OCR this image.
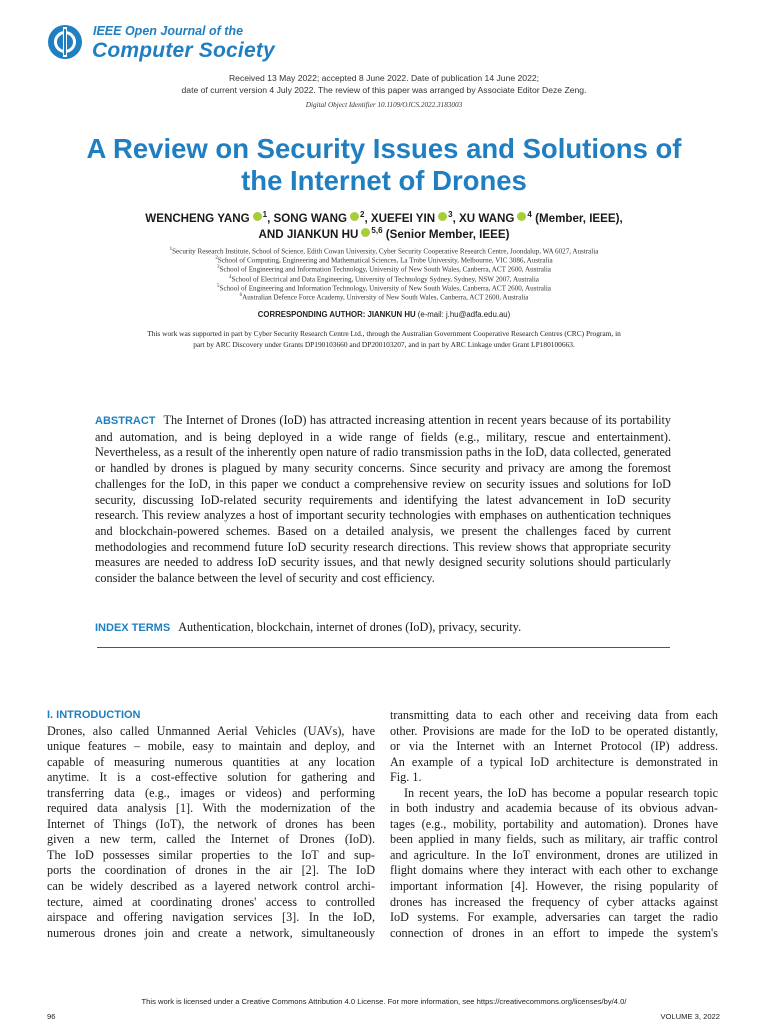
IEEE Open Journal of the
Computer Society
Received 13 May 2022; accepted 8 June 2022. Date of publication 14 June 2022;
date of current version 4 July 2022. The review of this paper was arranged by Associate Editor Deze Zeng.
Digital Object Identifier 10.1109/OJCS.2022.3183003
A Review on Security Issues and Solutions of
the Internet of Drones
WENCHENG YANG $^1$, SONG WANG $^2$, XUEFEI YIN $^3$, XU WANG $^4$ (Member, IEEE),
AND JIANKUN HU $^{5,6}$ (Senior Member, IEEE)
$^1$Security Research Institute, School of Science, Edith Cowan University, Cyber Security Cooperative Research Centre, Joondalup, WA 6027, Australia
$^2$School of Computing, Engineering and Mathematical Sciences, La Trobe University, Melbourne, VIC 3086, Australia
$^3$School of Engineering and Information Technology, University of New South Wales, Canberra, ACT 2600, Australia
$^4$School of Electrical and Data Engineering, University of Technology Sydney, Sydney, NSW 2007, Australia
$^5$School of Engineering and Information Technology, University of New South Wales, Canberra, ACT 2600, Australia
$^6$Australian Defence Force Academy, University of New South Wales, Canberra, ACT 2600, Australia
CORRESPONDING AUTHOR: JIANKUN HU (e-mail: j.hu@adfa.edu.au)
This work was supported in part by Cyber Security Research Centre Ltd., through the Australian Government Cooperative Research Centres (CRC) Program, in
part by ARC Discovery under Grants DP190103660 and DP200103207, and in part by ARC Linkage under Grant LP180100663.
ABSTRACT The Internet of Drones (IoD) has attracted increasing attention in recent years because of its portability and automation, and is being deployed in a wide range of fields (e.g., military, rescue and entertainment). Nevertheless, as a result of the inherently open nature of radio transmission paths in the IoD, data collected, generated or handled by drones is plagued by many security concerns. Since security and privacy are among the foremost challenges for the IoD, in this paper we conduct a comprehensive review on security issues and solutions for IoD security, discussing IoD-related security requirements and identifying the latest advancement in IoD security research. This review analyzes a host of important security technologies with emphases on authentication techniques and blockchain-powered schemes. Based on a detailed analysis, we present the challenges faced by current methodologies and recommend future IoD security research directions. This review shows that appropriate security measures are needed to address IoD security issues, and that newly designed security solutions should particularly consider the balance between the level of security and cost efficiency.
INDEX TERMS Authentication, blockchain, internet of drones (IoD), privacy, security.
I. INTRODUCTION
Drones, also called Unmanned Aerial Vehicles (UAVs), have
unique features – mobile, easy to maintain and deploy, and
capable of measuring numerous quantities at any location
anytime. It is a cost-effective solution for gathering and
transferring data (e.g., images or videos) and performing
required data analysis [1]. With the modernization of the
Internet of Things (IoT), the network of drones has been
given a new term, called the Internet of Drones (IoD).
The IoD possesses similar properties to the IoT and sup-
ports the coordination of drones in the air [2]. The IoD
can be widely described as a layered network control archi-
tecture, aimed at coordinating drones' access to controlled
airspace and offering navigation services [3]. In the IoD,
numerous drones join and create a network, simultaneously
transmitting data to each other and receiving data from each
other. Provisions are made for the IoD to be operated distantly,
or via the Internet with an Internet Protocol (IP) address.
An example of a typical IoD architecture is demonstrated in
Fig. 1.
In recent years, the IoD has become a popular research topic
in both industry and academia because of its obvious advan-
tages (e.g., mobility, portability and automation). Drones have
been applied in many fields, such as military, air traffic control
and agriculture. In the IoT environment, drones are utilized in
flight domains where they interact with each other to exchange
important information [4]. However, the rising popularity of
drones has increased the frequency of cyber attacks against
IoD systems. For example, adversaries can target the radio
connection of drones in an effort to impede the system's
This work is licensed under a Creative Commons Attribution 4.0 License. For more information, see https://creativecommons.org/licenses/by/4.0/
96	VOLUME 3, 2022
